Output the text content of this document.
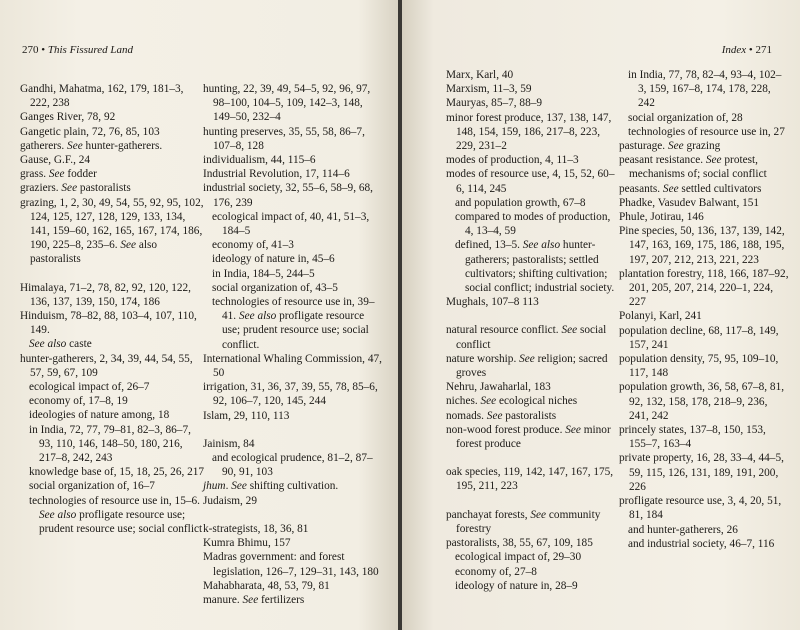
270 • This Fissured Land
Gandhi, Mahatma, 162, 179, 181–3, 222, 238
Ganges River, 78, 92
Gangetic plain, 72, 76, 85, 103
gatherers. See hunter-gatherers.
Gause, G.F., 24
grass. See fodder
graziers. See pastoralists
grazing, 1, 2, 30, 49, 54, 55, 92, 95, 102, 124, 125, 127, 128, 129, 133, 134, 141, 159–60, 162, 165, 167, 174, 186, 190, 225–8, 235–6. See also pastoralists
Himalaya, 71–2, 78, 82, 92, 120, 122, 136, 137, 139, 150, 174, 186
Hinduism, 78–82, 88, 103–4, 107, 110, 149.
See also caste
hunter-gatherers, 2, 34, 39, 44, 54, 55, 57, 59, 67, 109
ecological impact of, 26–7
economy of, 17–8, 19
ideologies of nature among, 18
in India, 72, 77, 79–81, 82–3, 86–7, 93, 110, 146, 148–50, 180, 216, 217–8, 242, 243
knowledge base of, 15, 18, 25, 26, 217
social organization of, 16–7
technologies of resource use in, 15–6. See also profligate resource use; prudent resource use; social conflict
hunting, 22, 39, 49, 54–5, 92, 96, 97, 98–100, 104–5, 109, 142–3, 148, 149–50, 232–4
hunting preserves, 35, 55, 58, 86–7, 107–8, 128
individualism, 44, 115–6
Industrial Revolution, 17, 114–6
industrial society, 32, 55–6, 58–9, 68, 176, 239
ecological impact of, 40, 41, 51–3, 184–5
economy of, 41–3
ideology of nature in, 45–6
in India, 184–5, 244–5
social organization of, 43–5
technologies of resource use in, 39–41. See also profligate resource use; prudent resource use; social conflict.
International Whaling Commission, 47, 50
irrigation, 31, 36, 37, 39, 55, 78, 85–6, 92, 106–7, 120, 145, 244
Islam, 29, 110, 113
Jainism, 84
and ecological prudence, 81–2, 87–90, 91, 103
jhum. See shifting cultivation.
Judaism, 29
k-strategists, 18, 36, 81
Kumra Bhimu, 157
Madras government: and forest legislation, 126–7, 129–31, 143, 180
Mahabharata, 48, 53, 79, 81
manure. See fertilizers
Index • 271
Marx, Karl, 40
Marxism, 11–3, 59
Mauryas, 85–7, 88–9
minor forest produce, 137, 138, 147, 148, 154, 159, 186, 217–8, 223, 229, 231–2
modes of production, 4, 11–3
modes of resource use, 4, 15, 52, 60–6, 114, 245
and population growth, 67–8
compared to modes of production, 4, 13–4, 59
defined, 13–5. See also hunter-gatherers; pastoralists; settled cultivators; shifting cultivation; social conflict; industrial society.
Mughals, 107–8 113
natural resource conflict. See social conflict
nature worship. See religion; sacred groves
Nehru, Jawaharlal, 183
niches. See ecological niches
nomads. See pastoralists
non-wood forest produce. See minor forest produce
oak species, 119, 142, 147, 167, 175, 195, 211, 223
panchayat forests, See community forestry
pastoralists, 38, 55, 67, 109, 185
ecological impact of, 29–30
economy of, 27–8
ideology of nature in, 28–9
in India, 77, 78, 82–4, 93–4, 102–3, 159, 167–8, 174, 178, 228, 242
social organization of, 28
technologies of resource use in, 27
pasturage. See grazing
peasant resistance. See protest, mechanisms of; social conflict
peasants. See settled cultivators
Phadke, Vasudev Balwant, 151
Phule, Jotirau, 146
Pine species, 50, 136, 137, 139, 142, 147, 163, 169, 175, 186, 188, 195, 197, 207, 212, 213, 221, 223
plantation forestry, 118, 166, 187–92, 201, 205, 207, 214, 220–1, 224, 227
Polanyi, Karl, 241
population decline, 68, 117–8, 149, 157, 241
population density, 75, 95, 109–10, 117, 148
population growth, 36, 58, 67–8, 81, 92, 132, 158, 178, 218–9, 236, 241, 242
princely states, 137–8, 150, 153, 155–7, 163–4
private property, 16, 28, 33–4, 44–5, 59, 115, 126, 131, 189, 191, 200, 226
profligate resource use, 3, 4, 20, 51, 81, 184
and hunter-gatherers, 26
and industrial society, 46–7, 116
